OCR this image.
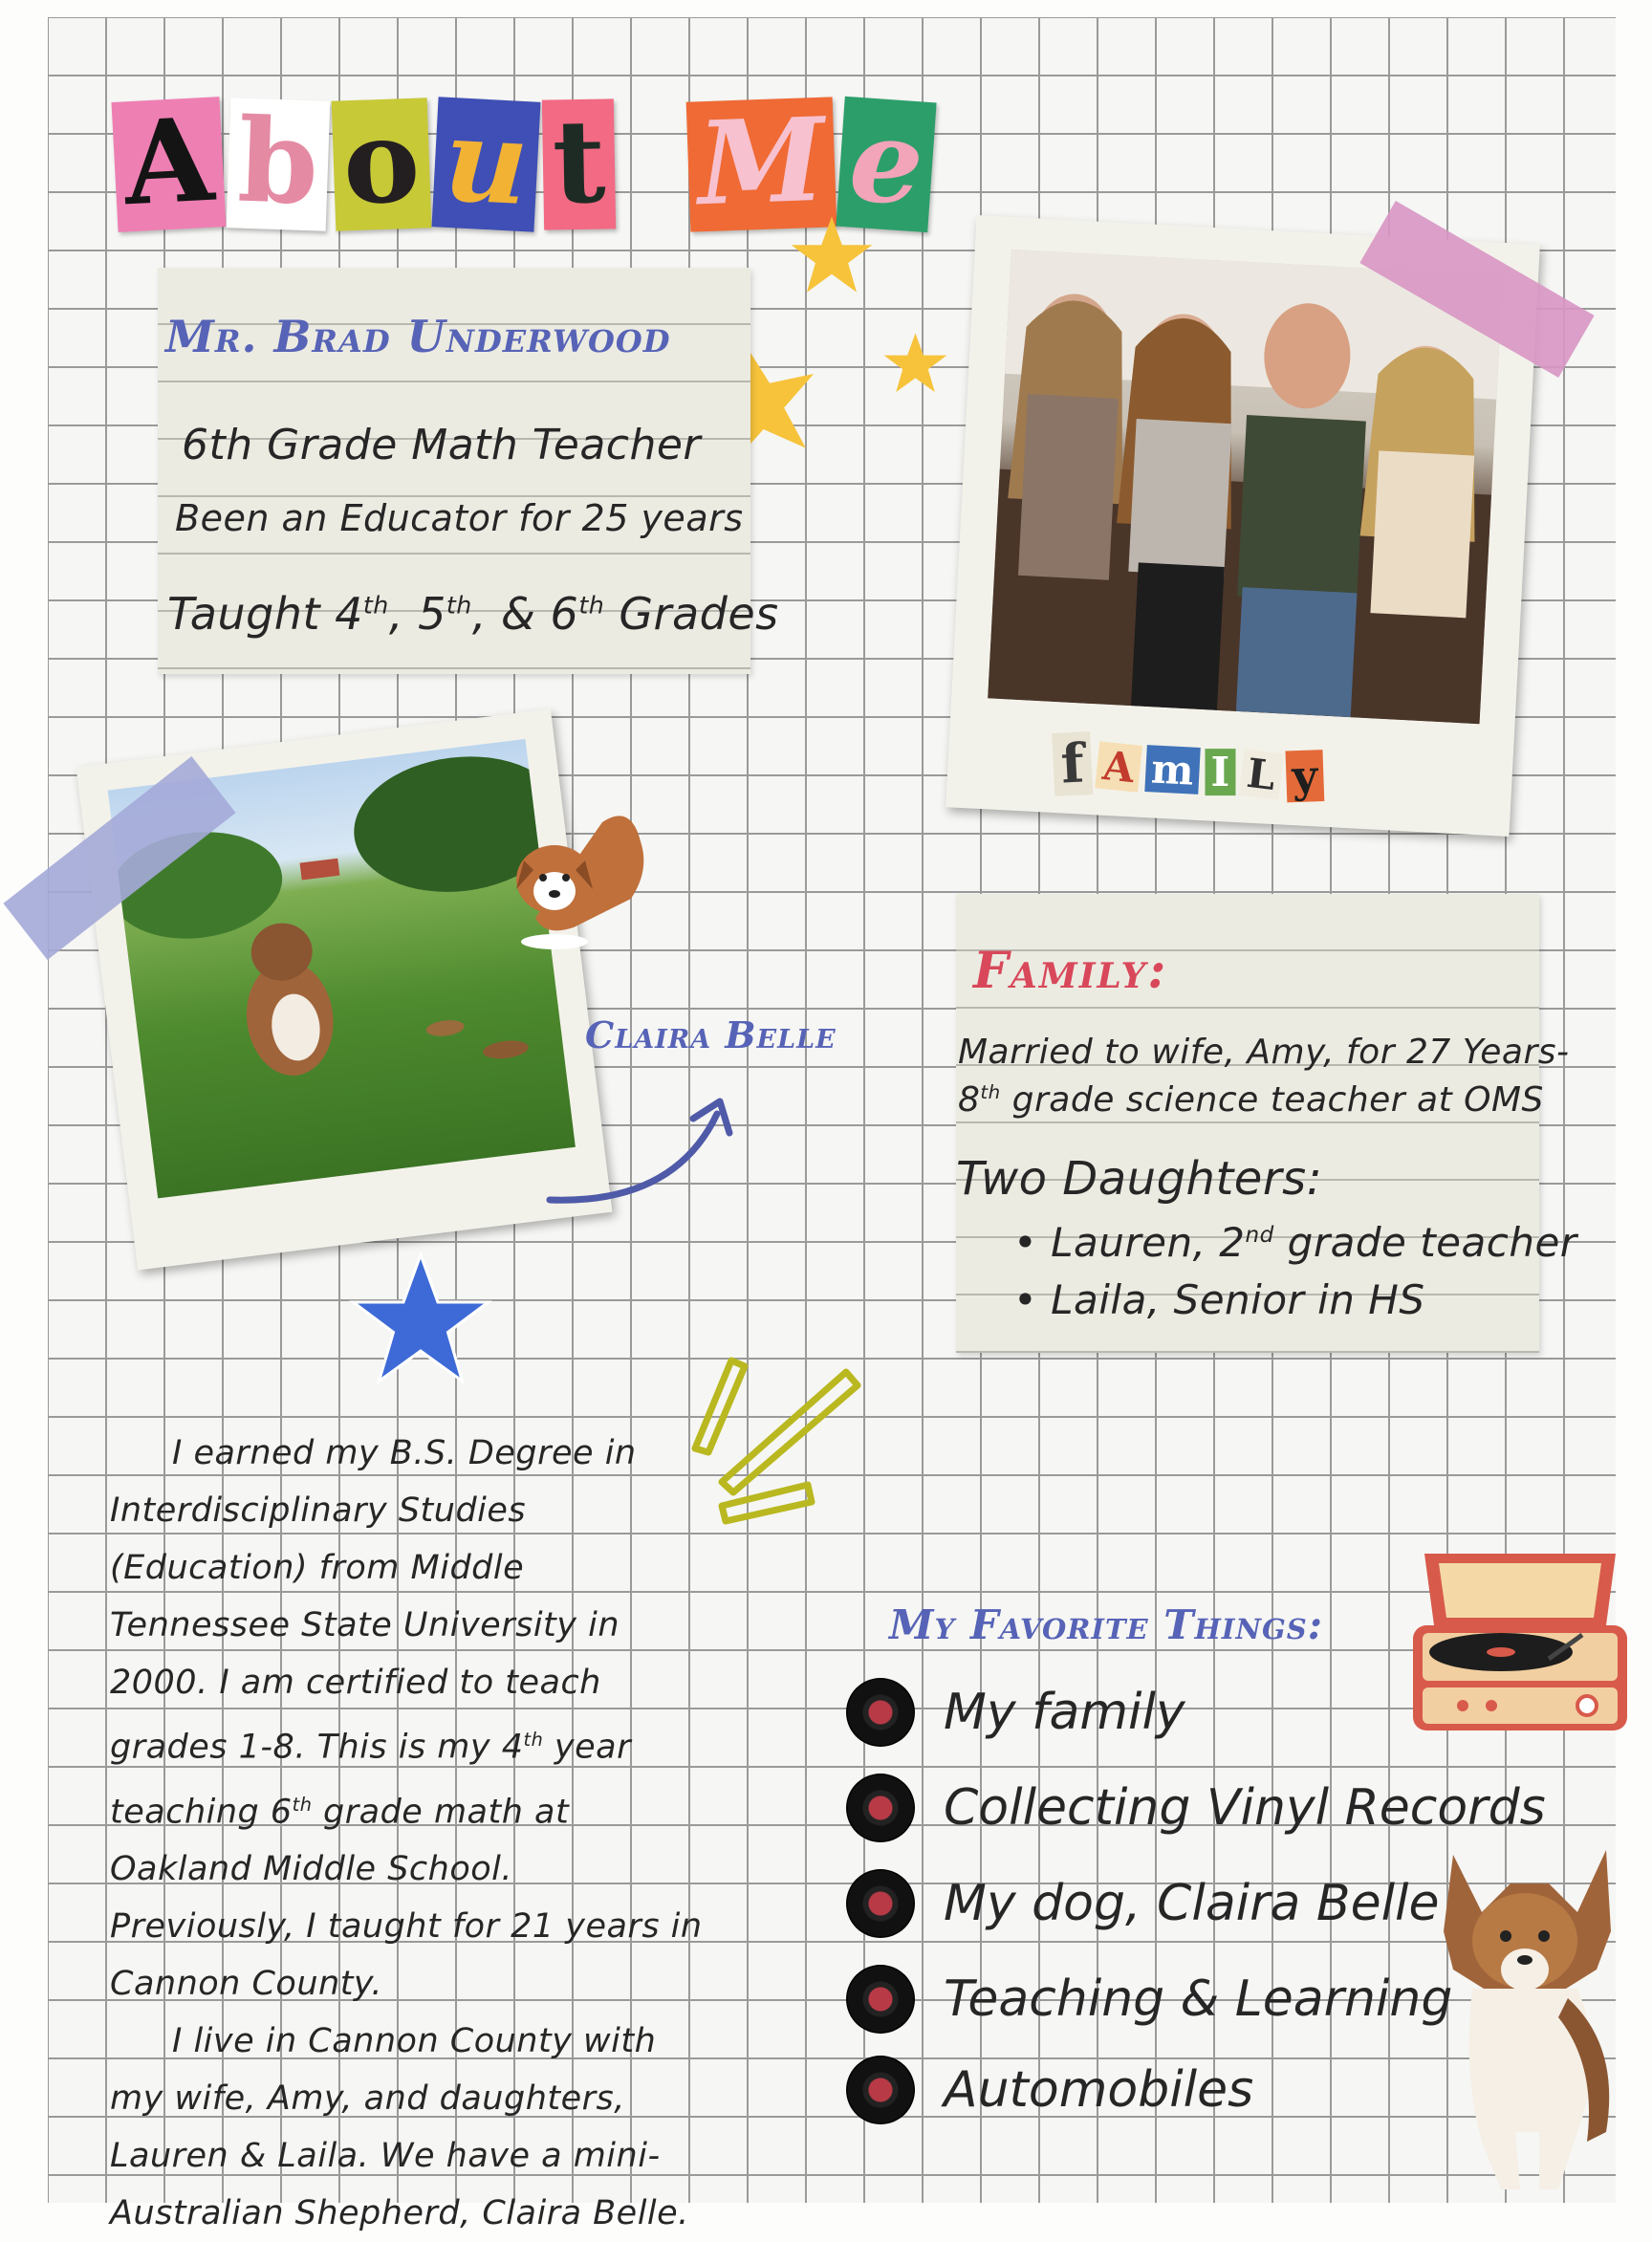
A b o u t M e
Mr. Brad Underwood
6th Grade Math Teacher
Been an Educator for 25 years
Taught 4th, 5th, & 6th Grades
f A m I L y
Claira Belle
Family:
Married to wife, Amy, for 27 Years-
8th grade science teacher at OMS
Two Daughters:
• Lauren, 2nd grade teacher
• Laila, Senior in HS

I earned my B.S. Degree in Interdisciplinary Studies (Education) from Middle Tennessee State University in 2000. I am certified to teach grades 1-8. This is my 4th year teaching 6th grade math at Oakland Middle School. Previously, I taught for 21 years in Cannon County.

I live in Cannon County with my wife, Amy, and daughters, Lauren & Laila. We have a mini-Australian Shepherd, Claira Belle.

My Favorite Things:
My family
Collecting Vinyl Records
My dog, Claira Belle
Teaching & Learning
Automobiles
